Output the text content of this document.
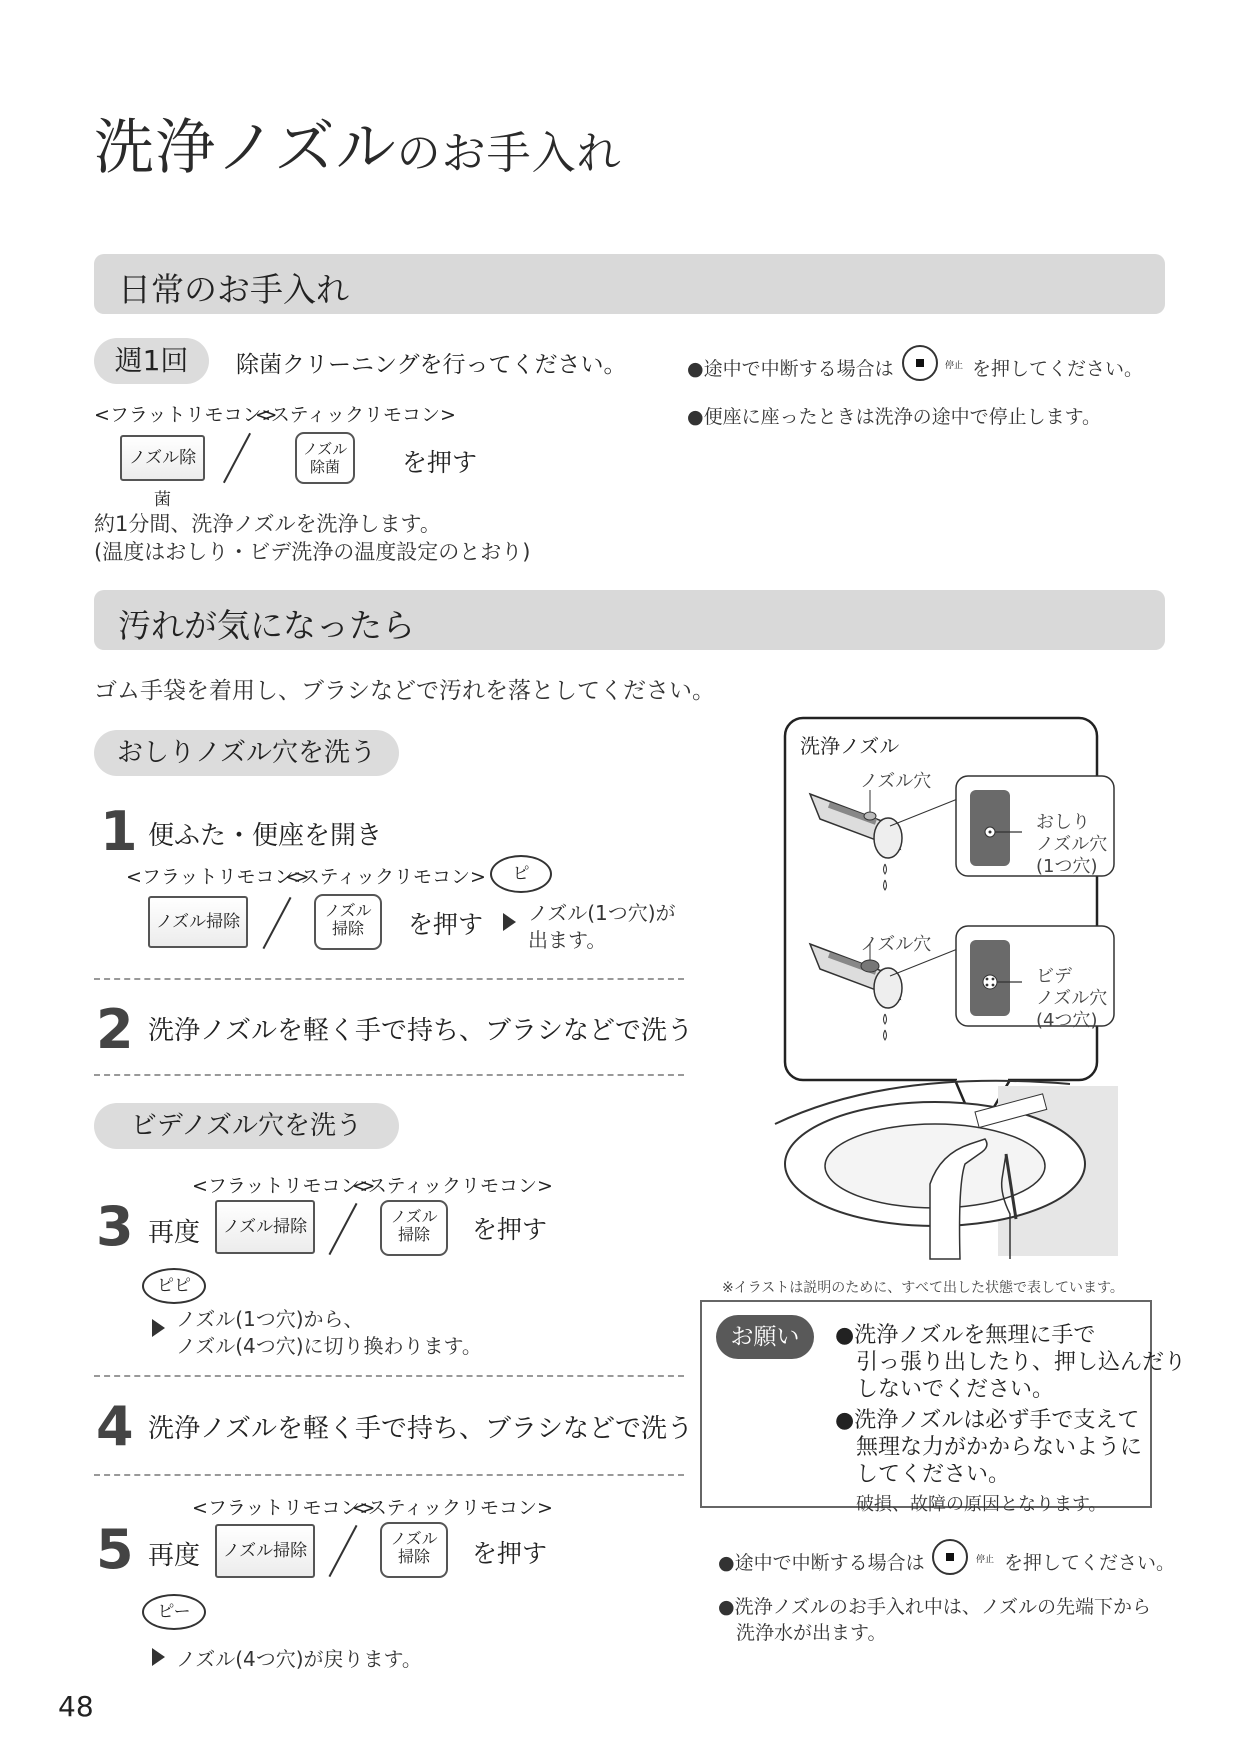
洗浄ノズルのお手入れ
日常のお手入れ
週1回	除菌クリーニングを行ってください。
<フラットリモコン>
<スティックリモコン>
ノズル除菌
ノズル
除菌	を押す
約1分間、洗浄ノズルを洗浄します。
(温度はおしり・ビデ洗浄の温度設定のとおり)
●途中で中断する場合は	停止 を押してください。
●便座に座ったときは洗浄の途中で停止します。
汚れが気になったら
ゴム手袋を着用し、ブラシなどで汚れを落としてください。
おしりノズル穴を洗う
1 便ふた・便座を開き
<フラットリモコン>
<スティックリモコン>
ノズル掃除
ノズル
掃除	を押す
ピ
ノズル(1つ穴)が
出ます。
2 洗浄ノズルを軽く手で持ち、ブラシなどで洗う
ビデノズル穴を洗う
<フラットリモコン>
<スティックリモコン>
3 再度	ノズル掃除
ノズル
掃除	を押す
ピピ
ノズル(1つ穴)から、
ノズル(4つ穴)に切り換わります。
4 洗浄ノズルを軽く手で持ち、ブラシなどで洗う
<フラットリモコン>
<スティックリモコン>
5 再度	ノズル掃除
ノズル
掃除	を押す
ピー
ノズル(4つ穴)が戻ります。
洗浄ノズル
ノズル穴
おしり
ノズル穴
(1つ穴)
ノズル穴
ビデ
ノズル穴
(4つ穴)
※イラストは説明のために、すべて出した状態で表しています。
お願い	●洗浄ノズルを無理に手で
引っ張り出したり、押し込んだり
しないでください。
●洗浄ノズルは必ず手で支えて
無理な力がかからないように
してください。
破損、故障の原因となります。
●途中で中断する場合は	停止 を押してください。
●洗浄ノズルのお手入れ中は、ノズルの先端下から
洗浄水が出ます。
48
